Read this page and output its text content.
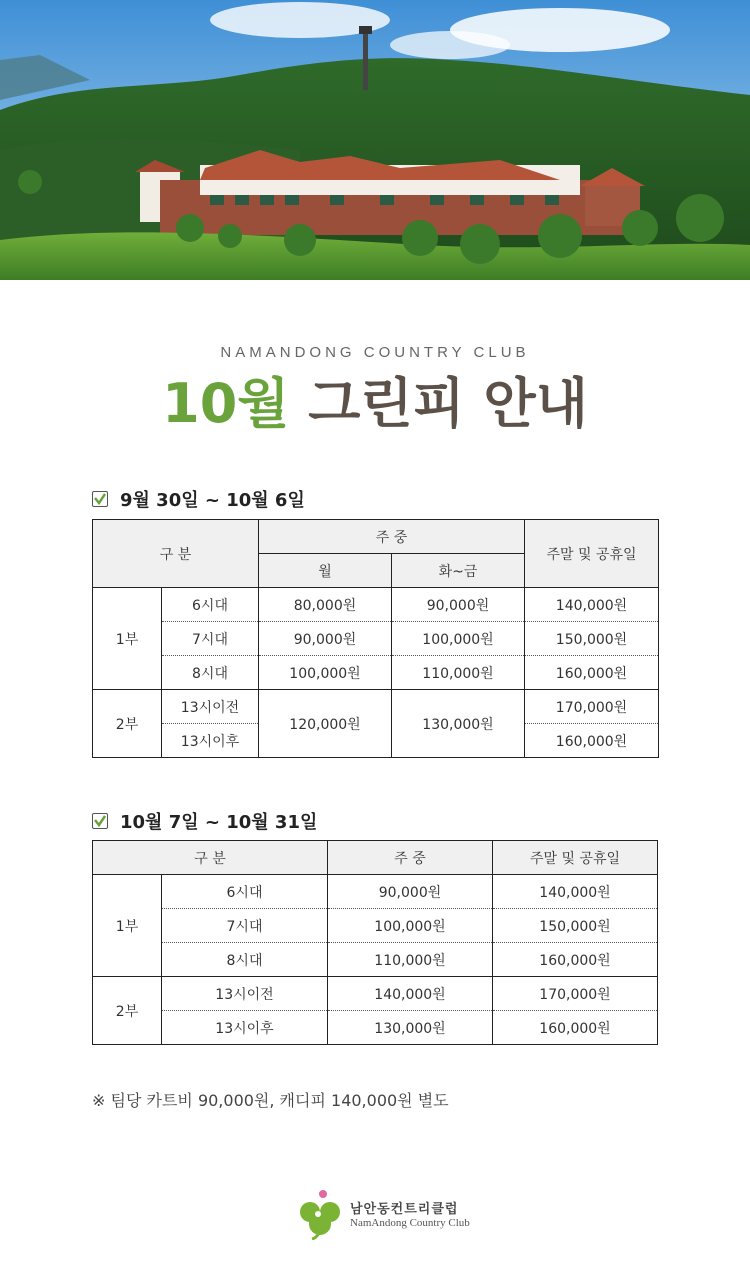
NAMANDONG COUNTRY CLUB
10월 그린피 안내
9월 30일 ~ 10월 6일
구 분		주 중		주말 및 공휴일
		월	화~금	
1부	6시대	80,000원	90,000원	140,000원
	7시대	90,000원	100,000원	150,000원
	8시대	100,000원	110,000원	160,000원
2부	13시이전	120,000원	130,000원	170,000원
	13시이후			160,000원
10월 7일 ~ 10월 31일
구 분		주 중	주말 및 공휴일
1부	6시대	90,000원	140,000원
	7시대	100,000원	150,000원
	8시대	110,000원	160,000원
2부	13시이전	140,000원	170,000원
	13시이후	130,000원	160,000원
※ 팀당 카트비 90,000원, 캐디피 140,000원 별도
남안동컨트리클럽
NamAndong Country Club
